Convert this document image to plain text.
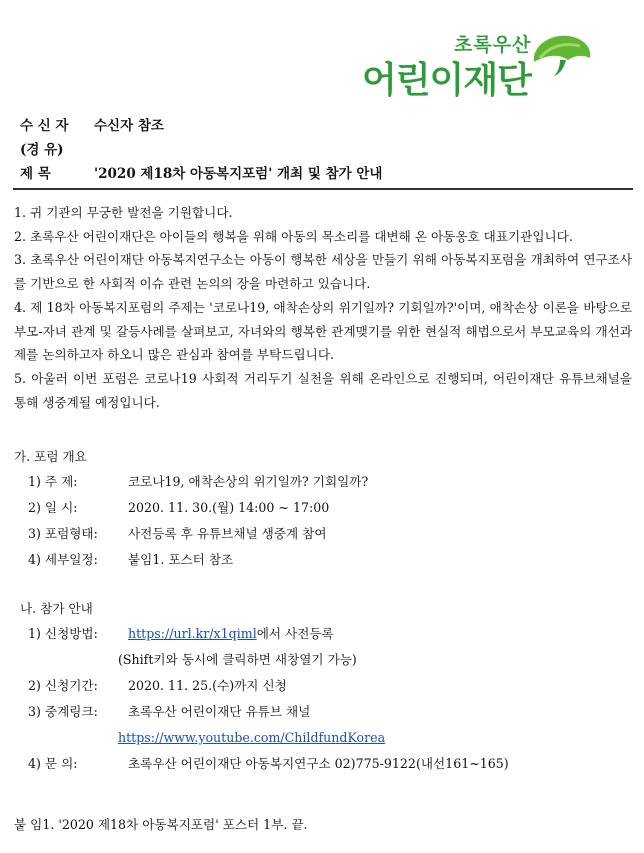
초록우산
어린이재단
수 신 자 수신자 참조
(경 유)
제 목	'2020 제18차 아동복지포럼' 개최 및 참가 안내
1. 귀 기관의 무궁한 발전을 기원합니다.
2. 초록우산 어린이재단은 아이들의 행복을 위해 아동의 목소리를 대변해 온 아동옹호 대표기관입니다.
3. 초록우산 어린이재단 아동복지연구소는 아동이 행복한 세상을 만들기 위해 아동복지포럼을 개최하여 연구조사를 기반으로 한 사회적 이슈 관련 논의의 장을 마련하고 있습니다.
4. 제 18차 아동복지포럼의 주제는 '코로나19, 애착손상의 위기일까? 기회일까?'이며, 애착손상 이론을 바탕으로 부모-자녀 관계 및 갈등사례를 살펴보고, 자녀와의 행복한 관계맺기를 위한 현실적 해법으로서 부모교육의 개선과제를 논의하고자 하오니 많은 관심과 참여를 부탁드립니다.
5. 아울러 이번 포럼은 코로나19 사회적 거리두기 실천을 위해 온라인으로 진행되며, 어린이재단 유튜브채널을 통해 생중계될 예정입니다.
가. 포럼 개요
1) 주 제:	코로나19, 애착손상의 위기일까? 기회일까?
2) 일 시:	2020. 11. 30.(월) 14:00 ~ 17:00
3) 포럼형태: 사전등록 후 유튜브채널 생중계 참여
4) 세부일정: 붙임1. 포스터 참조
나. 참가 안내
1) 신청방법: https://url.kr/x1qiml에서 사전등록
(Shift키와 동시에 클릭하면 새창열기 가능)
2) 신청기간: 2020. 11. 25.(수)까지 신청
3) 중계링크: 초록우산 어린이재단 유튜브 채널
https://www.youtube.com/ChildfundKorea
4) 문 의:	초록우산 어린이재단 아동복지연구소 02)775-9122(내선161~165)
붙 임1. '2020 제18차 아동복지포럼' 포스터 1부. 끝.
